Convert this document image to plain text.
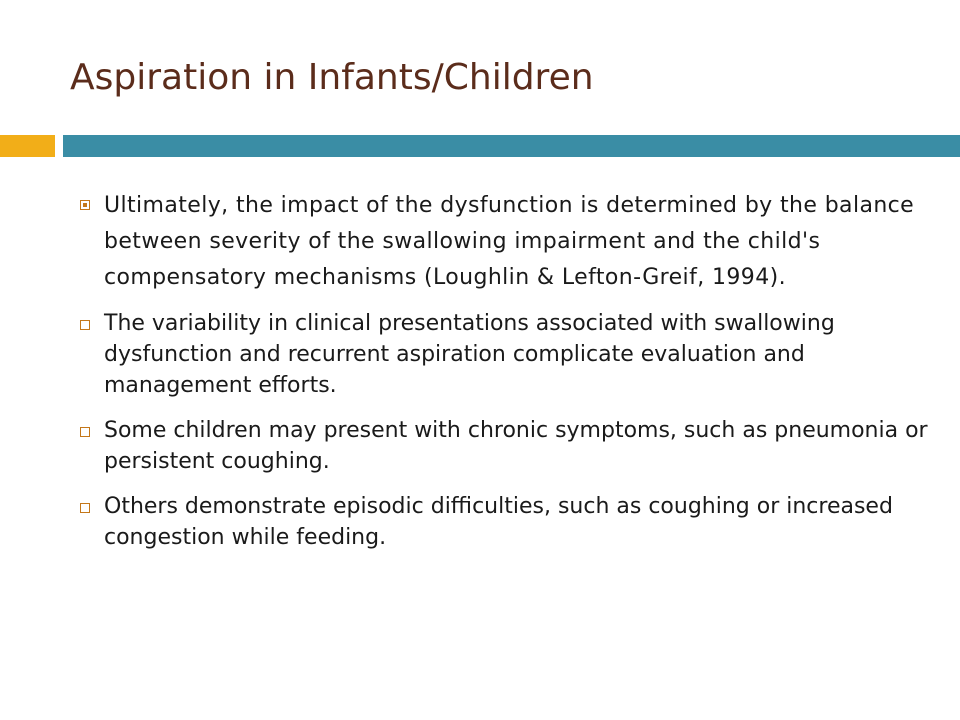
Aspiration in Infants/Children
Ultimately, the impact of the dysfunction is determined by the balance between severity of the swallowing impairment and the child's compensatory mechanisms (Loughlin & Lefton-Greif, 1994).
The variability in clinical presentations associated with swallowing dysfunction and recurrent aspiration complicate evaluation and management efforts.
Some children may present with chronic symptoms, such as pneumonia or persistent coughing.
Others demonstrate episodic difficulties, such as coughing or increased congestion while feeding.
